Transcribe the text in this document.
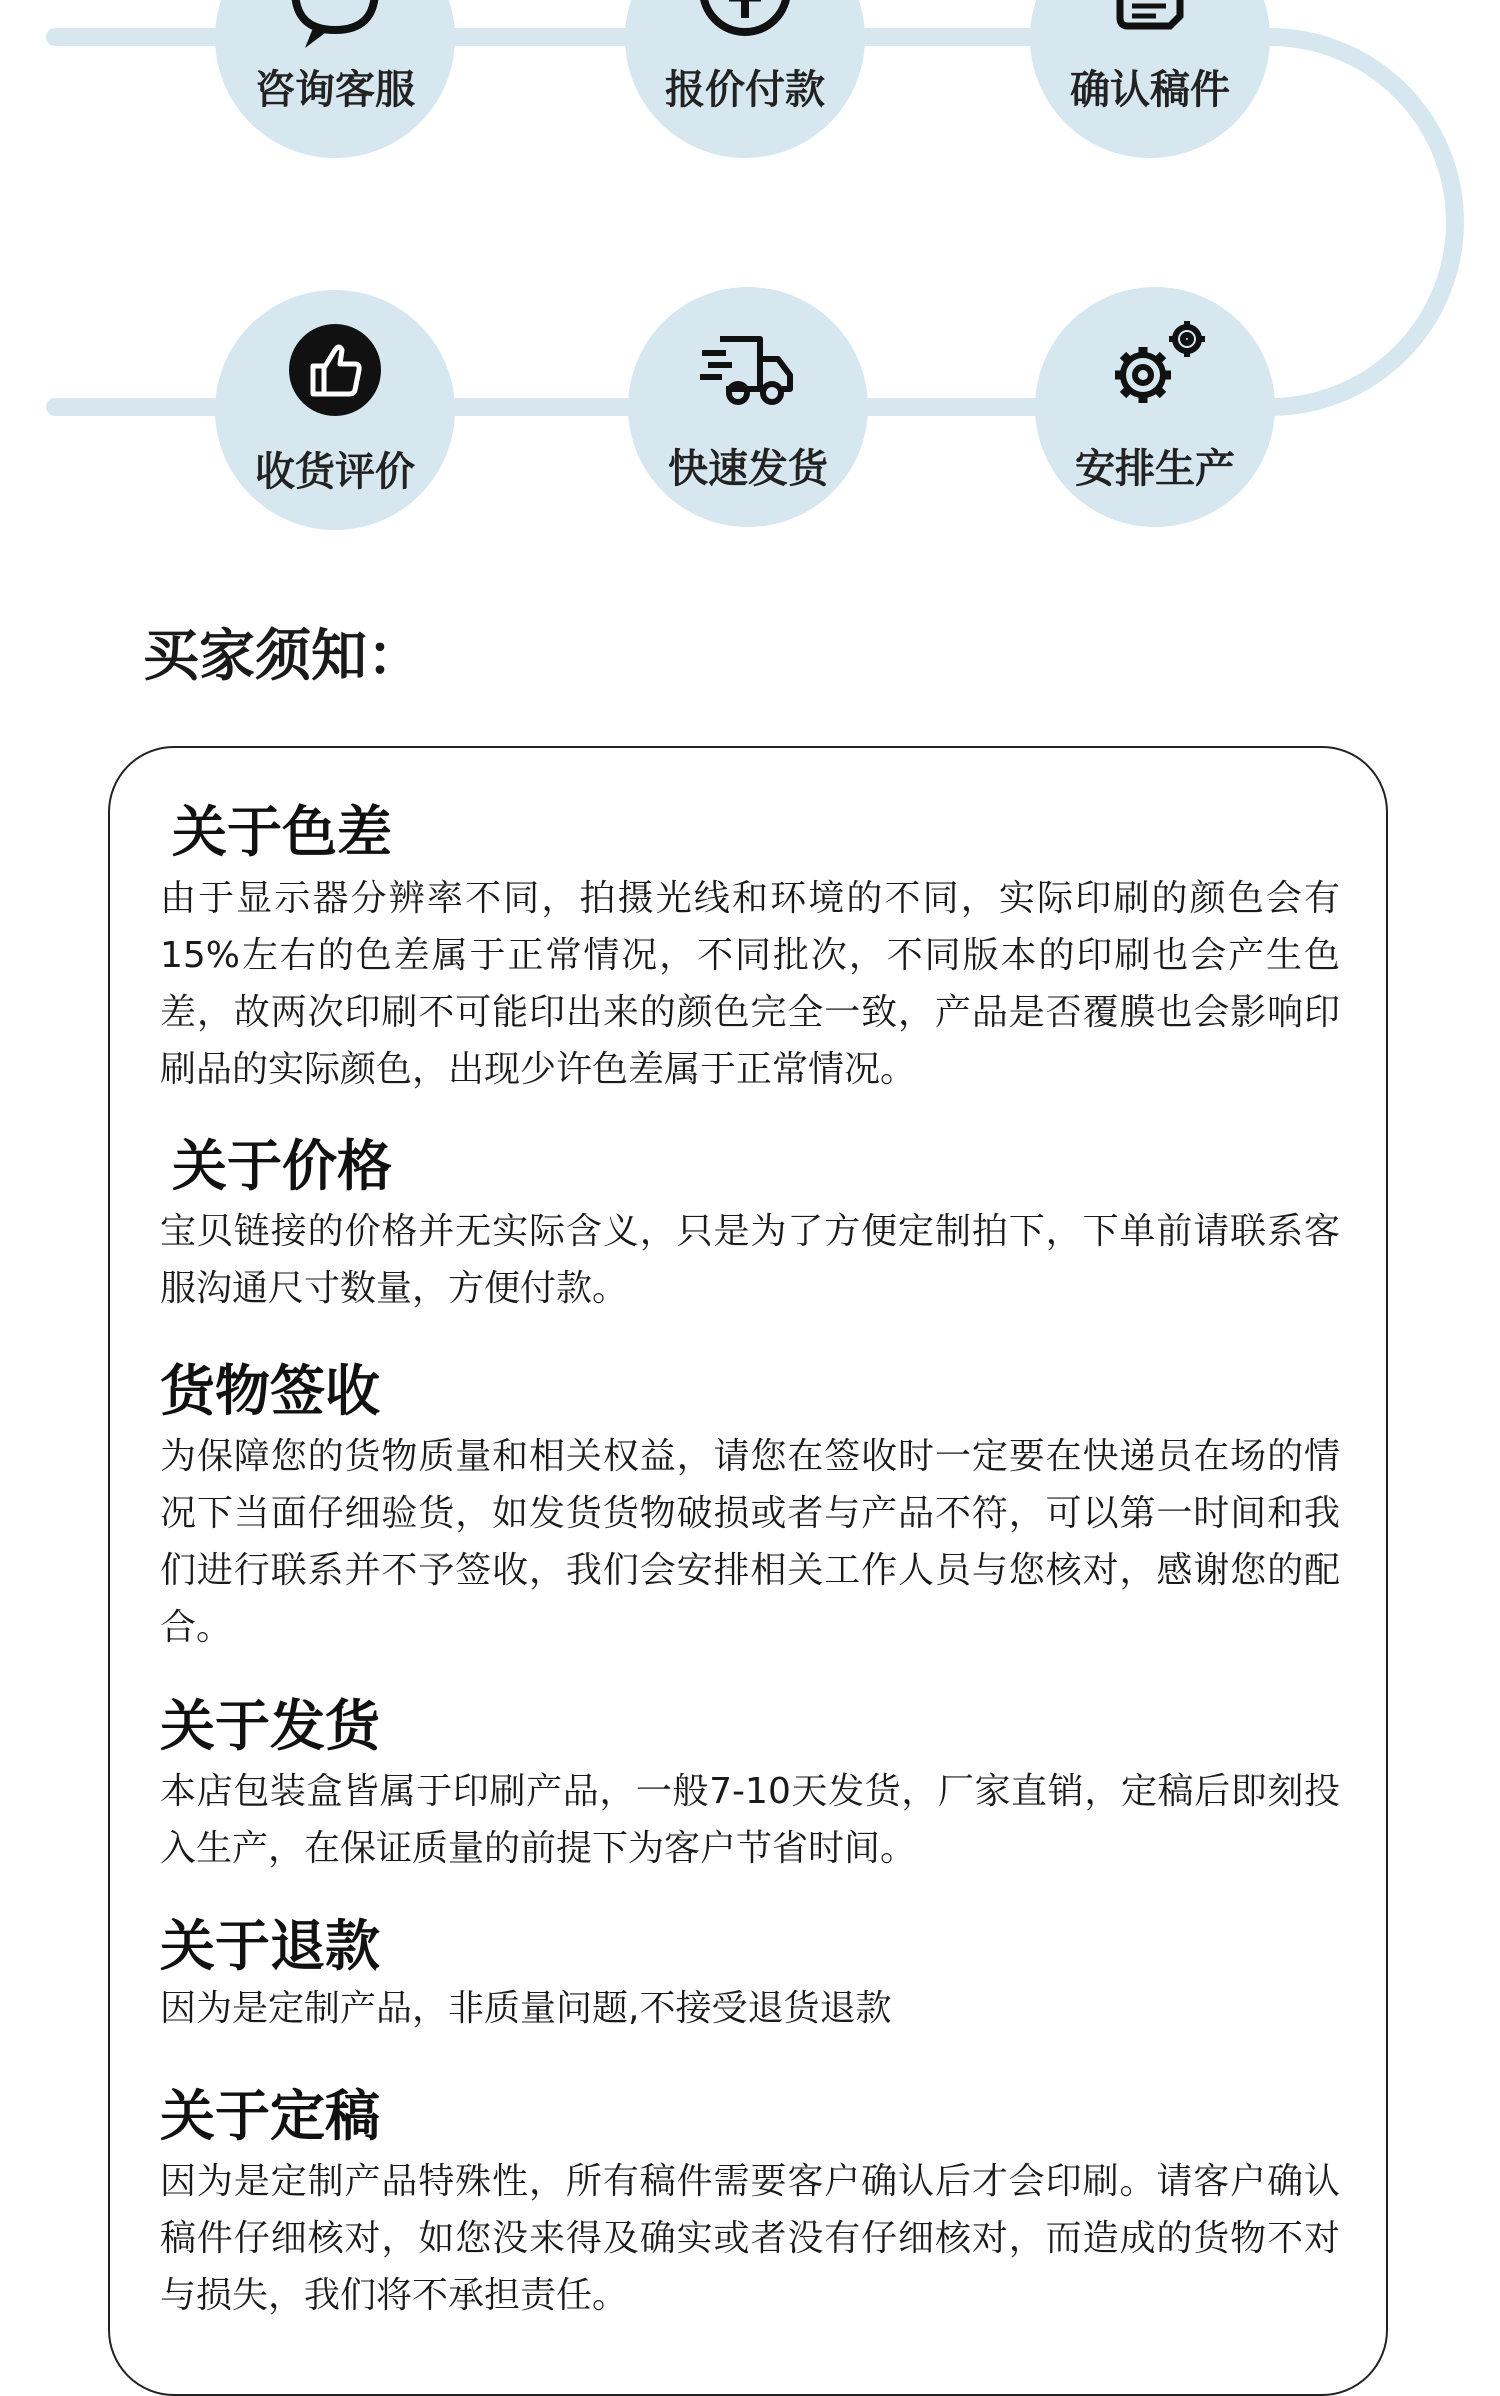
咨询客服	报价付款	确认稿件
安排生产
快速发货
收货评价
买家须知：
关于色差
由于显示器分辨率不同，拍摄光线和环境的不同，实际印刷的颜色会有15%左右的色差属于正常情况，不同批次，不同版本的印刷也会产生色差，故两次印刷不可能印出来的颜色完全一致，产品是否覆膜也会影响印刷品的实际颜色，出现少许色差属于正常情况。
关于价格
宝贝链接的价格并无实际含义，只是为了方便定制拍下，下单前请联系客服沟通尺寸数量，方便付款。
货物签收
为保障您的货物质量和相关权益，请您在签收时一定要在快递员在场的情况下当面仔细验货，如发货货物破损或者与产品不符，可以第一时间和我们进行联系并不予签收，我们会安排相关工作人员与您核对，感谢您的配合。
关于发货
本店包装盒皆属于印刷产品，一般7-10天发货，厂家直销，定稿后即刻投入生产，在保证质量的前提下为客户节省时间。
关于退款
因为是定制产品，非质量问题,不接受退货退款
关于定稿
因为是定制产品特殊性，所有稿件需要客户确认后才会印刷。请客户确认稿件仔细核对，如您没来得及确实或者没有仔细核对，而造成的货物不对与损失，我们将不承担责任。
